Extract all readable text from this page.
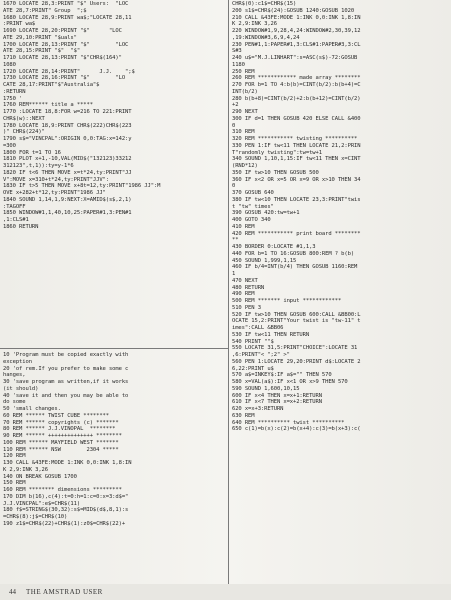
1670 LOCATE 28,3:PRINT "$" Users:  "LOC
ATE 28,7:PRINT" Group  ";$
1680 LOCATE 28,9:PRINT wa$;"LOCATE 28,11
:PRINT wa$
1690 LOCATE 28,20:PRINT "$"      "LOC
ATE 29,10:PRINT "$uals"
1700 LOCATE 28,13:PRINT "$"        "LOC
ATE 28,15:PRINT "$"  "$"
1710 LOCATE 28,13:PRINT "$"CHR$(164)"
1080
1720 LOCATE 28,14:PRINT"      J.J.    ";$
1730 LOCATE 28,16:PRINT "$"        "LO
CATE 28,17:PRINT"$"Australia"$
:RETURN
1750 '
1760 REM****** title a *****
1770 :LOCATE 18,8:FOR w=216 TO 221:PRINT
CHR$(w)::NEXT
1780 LOCATE 18,9:PRINT CHR$(222)CHR$(223
)" CHR$(224)"
1790 s$="VINCPAL":ORIGIN 0,0:TAG:x=142:y
=300
1800 FOR t=1 TO 16
1810 PLOT x+1,-10,VAL(MID$("132123)33212
312123",t,1)):ty=y-1*6
1820 IF t<6 THEN MOVE x=t*24,ty:PRINT"JJ
V":MOVE x=310+t*24,ty:PRINT"JJV":
1830 IF t>5 THEN MOVE x+8t=12,ty:PRINT"1986 JJ":M
OVE x+282+t*12,ty:PRINT"1986 JJ"
1840 SOUND 1,14,1,9:NEXT:X=AMID$(s$,2,1)
:TAGOFF
1850 WINDOW#1,1,40,10,25:PAPER#1,3:PEN#1
,1:CLS#1
1860 RETURN
10 'Program must be copied exactly with
exception
20 'of rem.If you prefer to make some c
hanges,
30 'save program as written,if it works
(it should)
40 'save it and then you may be able to
do some
50 'small changes.
60 REM ****** TWIST CUBE ********
70 REM ****** copyrights (c) *******
80 REM ****** J.J.VINOPAL  ********
90 REM ****** ++++++++++++++ ********
100 REM ****** MAYFIELD WEST *******
110 REM ****** NSW        2304 *****
120 REM
130 CALL &43FE:MODE 1:INK 0,0:INK 1,8:IN
K 2,9:INK 3,26
140 ON BREAK GOSUB 1700
150 REM
160 REM ******** dimensions *********
170 DIM b(16),c(4):t=0:h=1:c=0:x=3:d$="
J.J.VINCPAL":e$=CHR$(11)
180 f$=STRING$(30,32):s$=MID$(d$,8,1):s
=CHR$(8):j$=CHR$(10)
190 z1$=CHR$(22)+CHR$(1):z0$=CHR$(22)+
CHR$(0):c1$=CHR$(15)
200 s1$=CHR$(24):GOSUB 1240:GOSUB 1020
210 CALL &43FE:MODE 1:INK 0,0:INK 1,8:IN
K 2,9:INK 3,26
220 WINDOW#1,9,28,4,24:WINDOW#2,30,39,12
,19:WINDOW#3,6,9,4,24
230 PEN#1,1:PAPER#1,3:CLS#1:PAPER#3,3:CL
S#3
240 u$="M.J.LINHART":s=ASC(s$)-72:GOSUB
1180
250 REM
260 REM ************ made array ********
270 FOR b=1 TO 4:b(b)=CINT(b/2):b(b+4)=C
INT(b/2)
280 b(b+8)=CINT(b/2)+2:b(b+12)=CINT(b/2)
+2
290 NEXT
300 IF d=1 THEN GOSUB 420 ELSE CALL &400
0
310 REM
320 REM *********** twisting **********
330 PEN 1:IF tw<11 THEN LOCATE 21,2:PRIN
T"randomly twisting":tw=tw+1
340 SOUND 1,10,1,15:IF tw<11 THEN x=CINT
(RND*12)
350 IF tw>10 THEN GOSUB 500
360 IF x<2 OR x=5 OR x=9 OR x>10 THEN 34
0
370 GOSUB 640
380 IF tw<10 THEN LOCATE 23,3:PRINT"twis
t "tw" times"
390 GOSUB 420:tw=tw+1
400 GOTO 340
410 REM
420 REM *********** print board ********
**
430 BORDER 0:LOCATE #1,1,3
440 FOR b=1 TO 16:GOSUB 800:REM ? b(b)
450 SOUND 1,999,1,15
460 IF b/4=INT(b/4) THEN GOSUB 1160:REM
1
470 NEXT
480 RETURN
490 REM
500 REM ******* input ************
510 PEN 3
520 IF tw>10 THEN GOSUB 600:CALL &BB00:L
OCATE 15,2:PRINT"Your twist is "tw-11" t
imes":CALL &BB06
530 IF tw<11 THEN RETURN
540 PRINT ""$
550 LOCATE 31,5:PRINT"CHOICE":LOCATE 31
,6:PRINT"< ";2" >"
560 PEN 1:LOCATE 29,20:PRINT d$:LOCATE 2
6,22:PRINT u$
570 a$=INKEY$:IF a$="" THEN 570
580 x=VAL(a$):IF x<1 OR x>9 THEN 570
590 SOUND 1,600,10,15
600 IF x<4 THEN x=x+1:RETURN
610 IF x<7 THEN x=x+2:RETURN
620 x=x+3:RETURN
630 REM
640 REM ********** twist **********
650 c(1)=b(x):c(2)=b(x+4):c(3)=b(x+3):c(
44 THE AMSTRAD USER
